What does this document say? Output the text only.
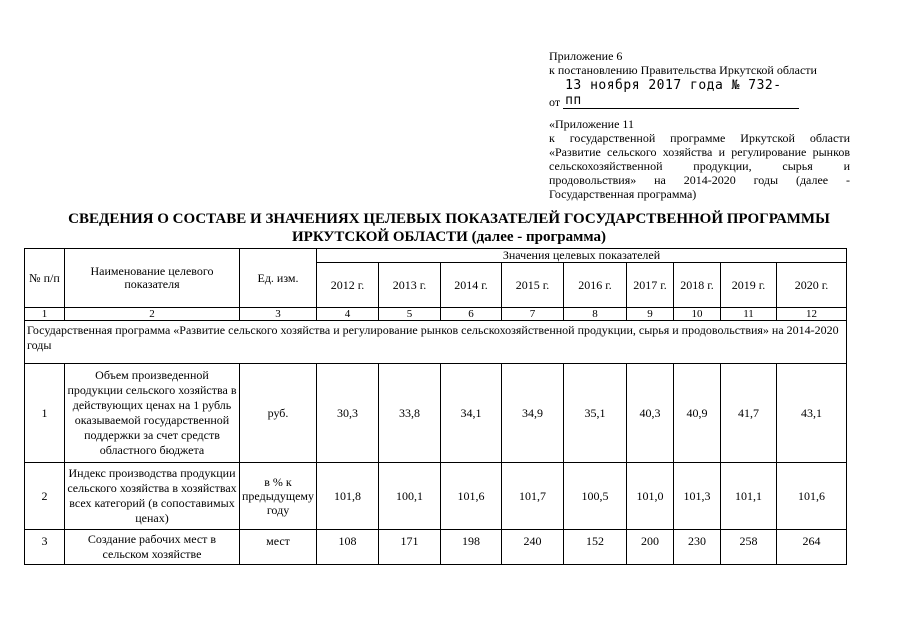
Приложение 6
к постановлению Правительства Иркутской области
от
13 ноября 2017 года № 732-пп
«Приложение 11
к государственной программе Иркутской области
«Развитие сельского хозяйства и регулирование рынков
сельскохозяйственной продукции, сырья и
продовольствия» на 2014-2020 годы (далее -
Государственная программа)
СВЕДЕНИЯ О СОСТАВЕ И ЗНАЧЕНИЯХ ЦЕЛЕВЫХ ПОКАЗАТЕЛЕЙ ГОСУДАРСТВЕННОЙ ПРОГРАММЫ ИРКУТСКОЙ ОБЛАСТИ (далее - программа)
№ п/п	Наименование целевого показателя	Ед. изм.	Значения целевых показателей								
			2012 г.	2013 г.	2014 г.	2015 г.	2016 г.	2017 г.	2018 г.	2019 г.	2020 г.
1	2	3	4	5	6	7	8	9	10	11	12
Государственная программа «Развитие сельского хозяйства и регулирование рынков сельскохозяйственной продукции, сырья и продовольствия» на 2014-2020 годы											
1	Объем произведенной продукции сельского хозяйства в действующих ценах на 1 рубль оказываемой государственной поддержки за счет средств областного бюджета	руб.	30,3	33,8	34,1	34,9	35,1	40,3	40,9	41,7	43,1
2	Индекс производства продукции сельского хозяйства в хозяйствах всех категорий (в сопоставимых ценах)	в % к предыдущему году	101,8	100,1	101,6	101,7	100,5	101,0	101,3	101,1	101,6
3	Создание рабочих мест в сельском хозяйстве	мест	108	171	198	240	152	200	230	258	264
